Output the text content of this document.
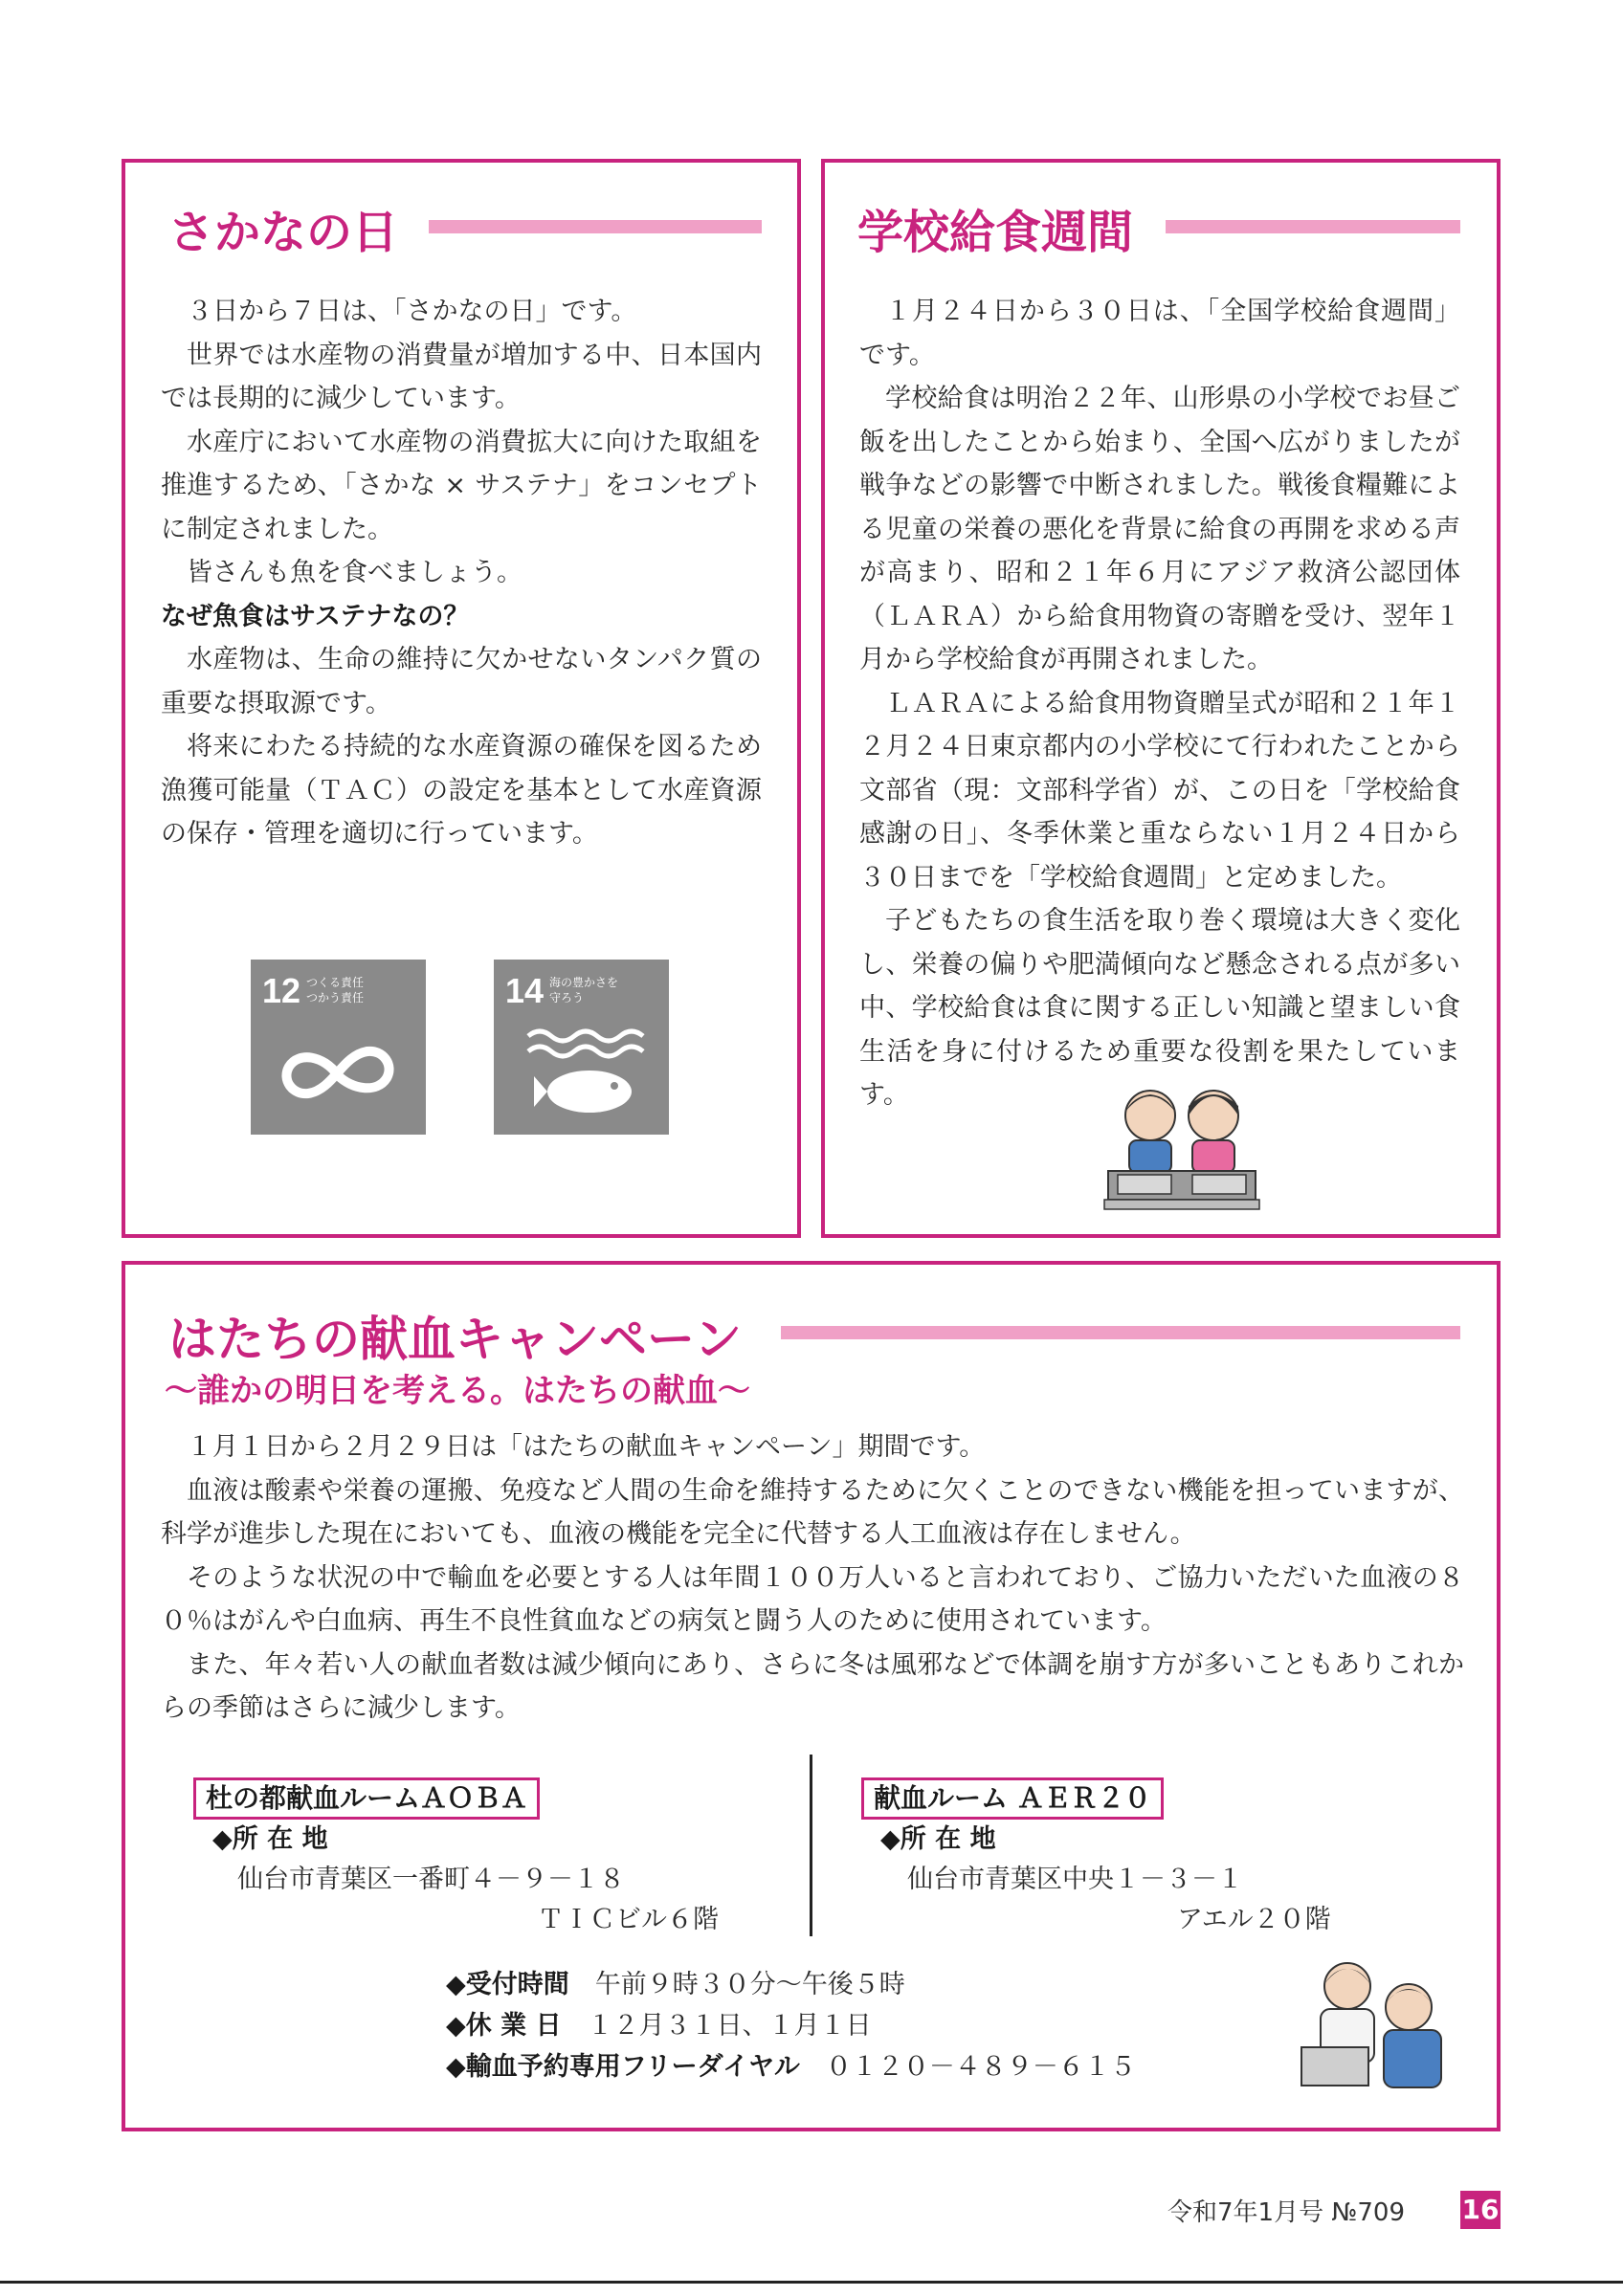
さかなの日

３日から７日は、「さかなの日」です。

世界では水産物の消費量が増加する中、日本国内では長期的に減少しています。

水産庁において水産物の消費拡大に向けた取組を推進するため、「さかな × サステナ」をコンセプトに制定されました。

皆さんも魚を食べましょう。

なぜ魚食はサステナなの？

水産物は、生命の維持に欠かせないタンパク質の重要な摂取源です。

将来にわたる持続的な水産資源の確保を図るため漁獲可能量（ＴＡＣ）の設定を基本として水産資源の保存・管理を適切に行っています。

12 つくる責任
つかう責任	14 海の豊かさを
守ろう
学校給食週間

１月２４日から３０日は、「全国学校給食週間」です。

学校給食は明治２２年、山形県の小学校でお昼ご飯を出したことから始まり、全国へ広がりましたが戦争などの影響で中断されました。戦後食糧難による児童の栄養の悪化を背景に給食の再開を求める声が高まり、昭和２１年６月にアジア救済公認団体（ＬＡＲＡ）から給食用物資の寄贈を受け、翌年１月から学校給食が再開されました。

ＬＡＲＡによる給食用物資贈呈式が昭和２１年１２月２４日東京都内の小学校にて行われたことから文部省（現：文部科学省）が、この日を「学校給食感謝の日」、冬季休業と重ならない１月２４日から３０日までを「学校給食週間」と定めました。

子どもたちの食生活を取り巻く環境は大きく変化し、栄養の偏りや肥満傾向など懸念される点が多い中、学校給食は食に関する正しい知識と望ましい食生活を身に付けるため重要な役割を果たしています。

はたちの献血キャンペーン
～誰かの明日を考える。はたちの献血～

１月１日から２月２９日は「はたちの献血キャンペーン」期間です。

血液は酸素や栄養の運搬、免疫など人間の生命を維持するために欠くことのできない機能を担っていますが、科学が進歩した現在においても、血液の機能を完全に代替する人工血液は存在しません。

そのような状況の中で輸血を必要とする人は年間１００万人いると言われており、ご協力いただいた血液の８０％はがんや白血病、再生不良性貧血などの病気と闘う人のために使用されています。

また、年々若い人の献血者数は減少傾向にあり、さらに冬は風邪などで体調を崩す方が多いこともありこれからの季節はさらに減少します。

杜の都献血ルームＡＯＢＡ
◆所 在 地
仙台市青葉区一番町４－９－１８
ＴＩＣビル６階
献血ルーム ＡＥＲ２０
◆所 在 地
仙台市青葉区中央１－３－１
アエル２０階
◆受付時間　 午前９時３０分～午後５時
◆休 業 日　 １２月３１日、１月１日
◆輸血予約専用フリーダイヤル　 ０１２０－４８９－６１５
令和7年1月号 №709 16
